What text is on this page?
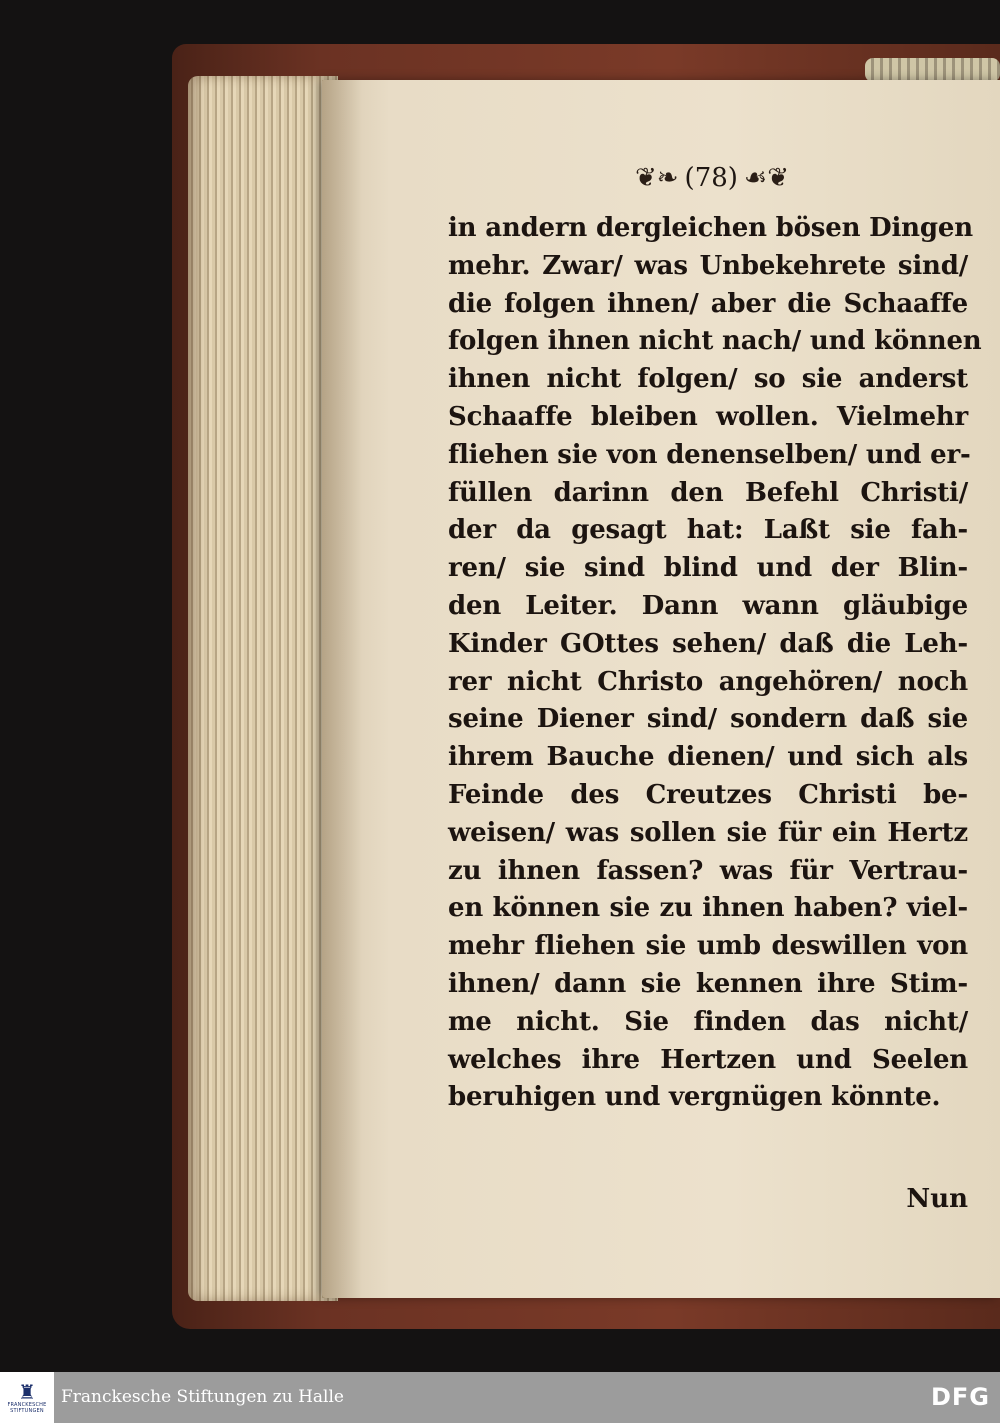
❦❧ (78) ☙❦
in andern dergleichen bösen Dingen
mehr. Zwar/ was Unbekehrete sind/
die folgen ihnen/ aber die Schaaffe
folgen ihnen nicht nach/ und können
ihnen nicht folgen/ so sie anderst
Schaaffe bleiben wollen. Vielmehr
fliehen sie von denenselben/ und er-
füllen darinn den Befehl Christi/
der da gesagt hat: Laßt sie fah-
ren/ sie sind blind und der Blin-
den Leiter. Dann wann gläubige
Kinder GOttes sehen/ daß die Leh-
rer nicht Christo angehören/ noch
seine Diener sind/ sondern daß sie
ihrem Bauche dienen/ und sich als
Feinde des Creutzes Christi be-
weisen/ was sollen sie für ein Hertz
zu ihnen fassen? was für Vertrau-
en können sie zu ihnen haben? viel-
mehr fliehen sie umb deswillen von
ihnen/ dann sie kennen ihre Stim-
me nicht. Sie finden das nicht/
welches ihre Hertzen und Seelen
beruhigen und vergnügen könnte.
Nun
♜
FRANCKESCHE
STIFTUNGEN
Franckesche Stiftungen zu Halle	DFG
